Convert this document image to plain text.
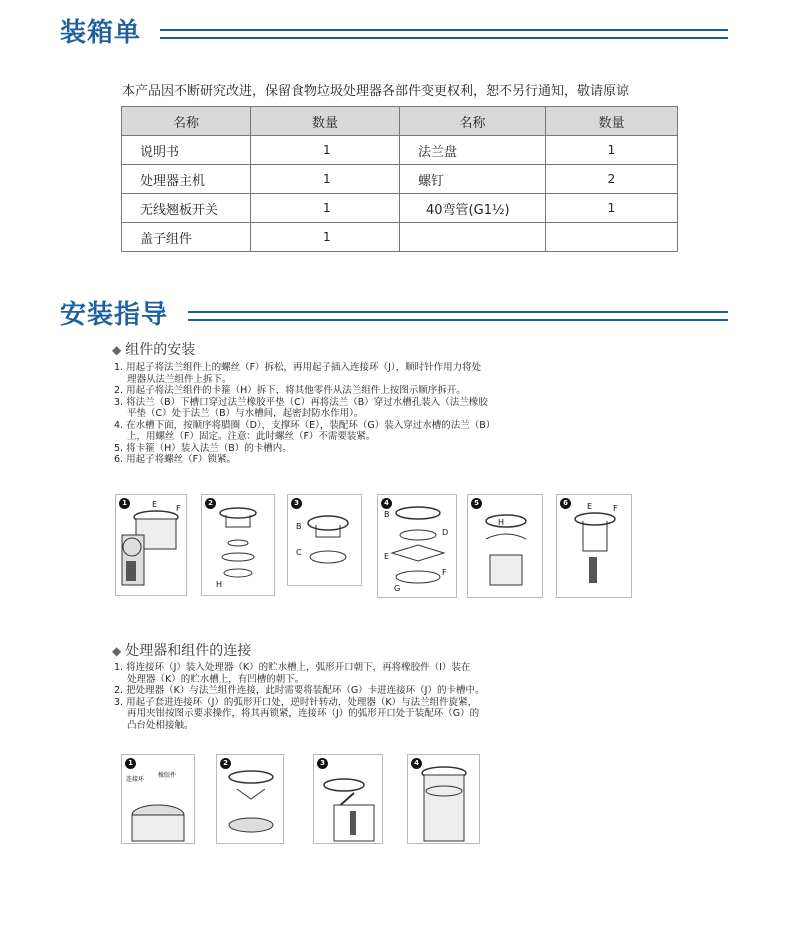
装箱单
本产品因不断研究改进，保留食物垃圾处理器各部件变更权利，恕不另行通知，敬请原谅
名称	数量	名称	数量
说明书	1	法兰盘	1
处理器主机	1	螺钉	2
无线翘板开关	1	40弯管(G1½)	1
盖子组件	1		
安装指导
◆ 组件的安装
1. 用起子将法兰组件上的螺丝（F）拆松，再用起子插入连接环（J），顺时针作用力将处
理器从法兰组件上拆下。
2. 用起子将法兰组件的卡箍（H）拆下，将其他零件从法兰组件上按图示顺序拆开。
3. 将法兰（B）下槽口穿过法兰橡胶平垫（C）再将法兰（B）穿过水槽孔装入（法兰橡胶
平垫（C）处于法兰（B）与水槽间，起密封防水作用）。
4. 在水槽下面，按顺序将腊圈（D），支撑环（E），装配环（G）装入穿过水槽的法兰（B）
上，用螺丝（F）固定。注意：此时螺丝（F）不需要装紧。
5. 将卡箍（H）装入法兰（B）的卡槽内。
6. 用起子将螺丝（F）锁紧。
1	E F
2
H
3
B
C
4
B
D
E
G
F
5
H
6	E	F
◆ 处理器和组件的连接
1. 将连接环（J）装入处理器（K）的贮水槽上，弧形开口朝下，再将橡胶件（I）装在
处理器（K）的贮水槽上，有凹槽的朝下。
2. 把处理器（K）与法兰组件连接，此时需要将装配环（G）卡进连接环（J）的卡槽中。
3. 用起子套进连接环（J）的弧形开口处，逆时针转动，处理器（K）与法兰组件旋紧，
再用夹钳按图示要求操作，将其再锁紧，连接环（J）的弧形开口处于装配环（G）的
凸台处相接触。
1
连接环
橡胶件
2	3	4
